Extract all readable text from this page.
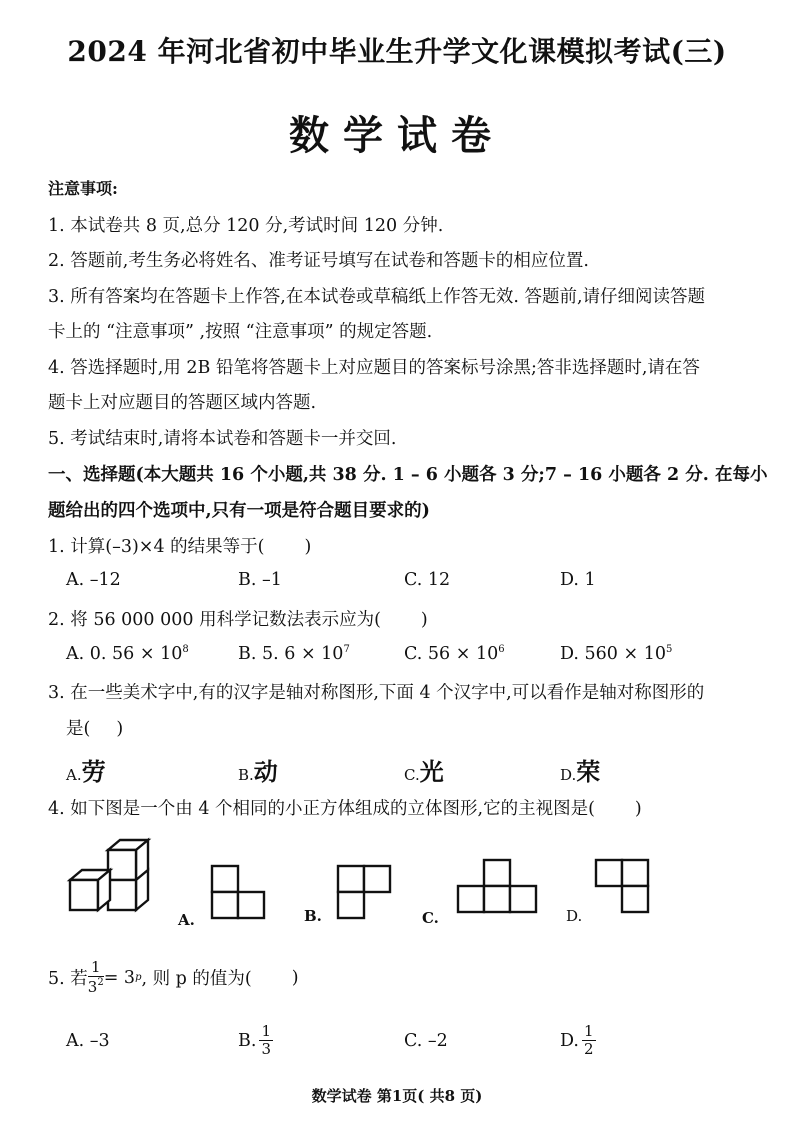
2024 年河北省初中毕业生升学文化课模拟考试(三)
数学试卷
注意事项:
1. 本试卷共 8 页,总分 120 分,考试时间 120 分钟.
2. 答题前,考生务必将姓名、准考证号填写在试卷和答题卡的相应位置.
3. 所有答案均在答题卡上作答,在本试卷或草稿纸上作答无效. 答题前,请仔细阅读答题
卡上的 “注意事项” ,按照 “注意事项” 的规定答题.
4. 答选择题时,用 2B 铅笔将答题卡上对应题目的答案标号涂黑;答非选择题时,请在答
题卡上对应题目的答题区域内答题.
5. 考试结束时,请将本试卷和答题卡一并交回.
一、选择题(本大题共 16 个小题,共 38 分. 1 – 6 小题各 3 分;7 – 16 小题各 2 分. 在每小
题给出的四个选项中,只有一项是符合题目要求的)
1. 计算(–3)×4 的结果等于( )
A. –12	B. –1	C. 12	D. 1
2. 将 56 000 000 用科学记数法表示应为( )
A. 0. $56 \times 10^8$	B. 5. $6 \times 10^7$	C. $56 \times 10^6$	D. $560 \times 10^5$
3. 在一些美术字中,有的汉字是轴对称图形,下面 4 个汉字中,可以看作是轴对称图形的
是( )
A.劳	B.动	C.光	D.荣
4. 如下图是一个由 4 个相同的小正方体组成的立体图形,它的主视图是( )
A.	B.	C.	D.
5. 若 $\frac{1}{3^2} = 3$ p , 则 p 的值为( )
A. –3	B. $\frac{1}{3}$	C. –2	D. $\frac{1}{2}$
数学试卷 第1页( 共8 页)
